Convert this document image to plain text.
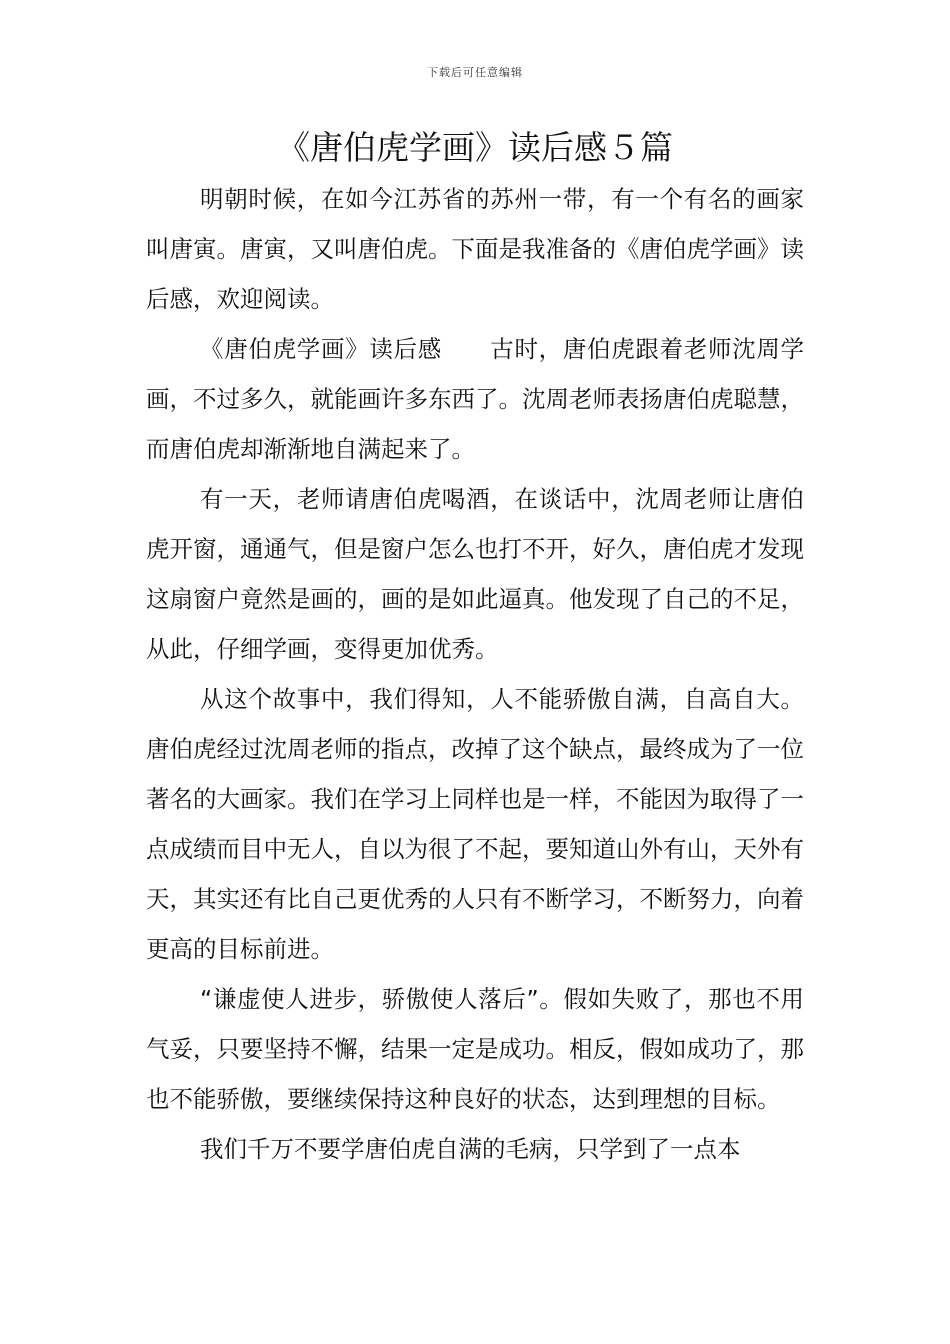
下载后可任意编辑
《唐伯虎学画》读后感５篇

明朝时候，在如今江苏省的苏州一带，有一个有名的画家叫唐寅。唐寅，又叫唐伯虎。下面是我准备的《唐伯虎学画》读后感，欢迎阅读。

《唐伯虎学画》读后感　　古时，唐伯虎跟着老师沈周学画，不过多久，就能画许多东西了。沈周老师表扬唐伯虎聪慧，而唐伯虎却渐渐地自满起来了。

有一天，老师请唐伯虎喝酒，在谈话中，沈周老师让唐伯虎开窗，通通气，但是窗户怎么也打不开，好久，唐伯虎才发现这扇窗户竟然是画的，画的是如此逼真。他发现了自己的不足，从此，仔细学画，变得更加优秀。

从这个故事中，我们得知，人不能骄傲自满，自高自大。唐伯虎经过沈周老师的指点，改掉了这个缺点，最终成为了一位著名的大画家。我们在学习上同样也是一样，不能因为取得了一点成绩而目中无人，自以为很了不起，要知道山外有山，天外有天，其实还有比自己更优秀的人只有不断学习，不断努力，向着更高的目标前进。

“谦虚使人进步，骄傲使人落后”。假如失败了，那也不用气妥，只要坚持不懈，结果一定是成功。相反，假如成功了，那也不能骄傲，要继续保持这种良好的状态，达到理想的目标。

我们千万不要学唐伯虎自满的毛病，只学到了一点本
